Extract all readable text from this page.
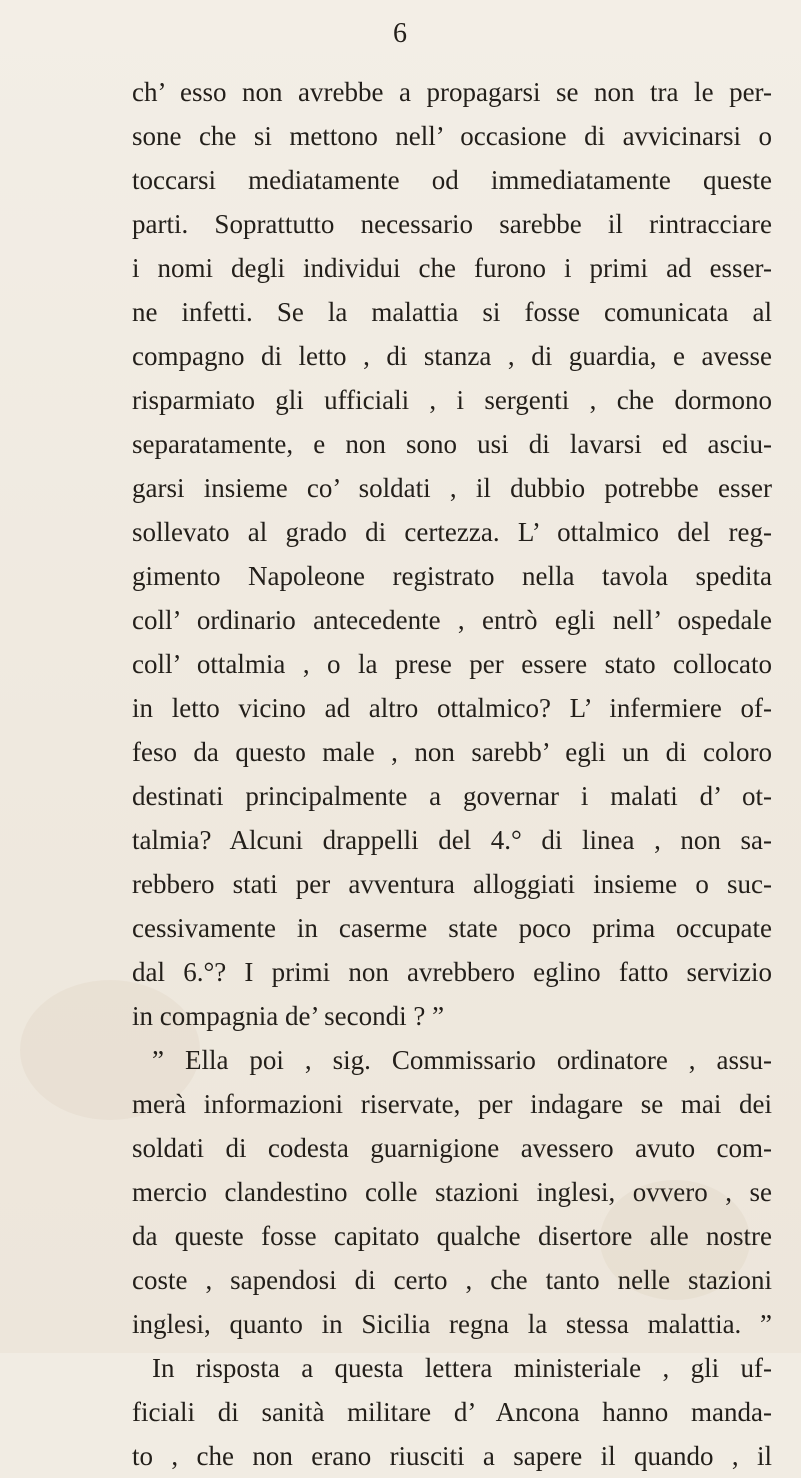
6
ch’ esso non avrebbe a propagarsi se non tra le per-
sone che si mettono nell’ occasione di avvicinarsi o
toccarsi mediatamente od immediatamente queste
parti. Soprattutto necessario sarebbe il rintracciare
i nomi degli individui che furono i primi ad esser-
ne infetti. Se la malattia si fosse comunicata al
compagno di letto , di stanza , di guardia, e avesse
risparmiato gli ufficiali , i sergenti , che dormono
separatamente, e non sono usi di lavarsi ed asciu-
garsi insieme co’ soldati , il dubbio potrebbe esser
sollevato al grado di certezza. L’ ottalmico del reg-
gimento Napoleone registrato nella tavola spedita
coll’ ordinario antecedente , entrò egli nell’ ospedale
coll’ ottalmia , o la prese per essere stato collocato
in letto vicino ad altro ottalmico? L’ infermiere of-
feso da questo male , non sarebb’ egli un di coloro
destinati principalmente a governar i malati d’ ot-
talmia? Alcuni drappelli del 4.° di linea , non sa-
rebbero stati per avventura alloggiati insieme o suc-
cessivamente in caserme state poco prima occupate
dal 6.°? I primi non avrebbero eglino fatto servizio
in compagnia de’ secondi ? ”
” Ella poi , sig. Commissario ordinatore , assu-
merà informazioni riservate, per indagare se mai dei
soldati di codesta guarnigione avessero avuto com-
mercio clandestino colle stazioni inglesi, ovvero , se
da queste fosse capitato qualche disertore alle nostre
coste , sapendosi di certo , che tanto nelle stazioni
inglesi, quanto in Sicilia regna la stessa malattia. ”
In risposta a questa lettera ministeriale , gli uf-
ficiali di sanità militare d’ Ancona hanno manda-
to , che non erano riusciti a sapere il quando , il
